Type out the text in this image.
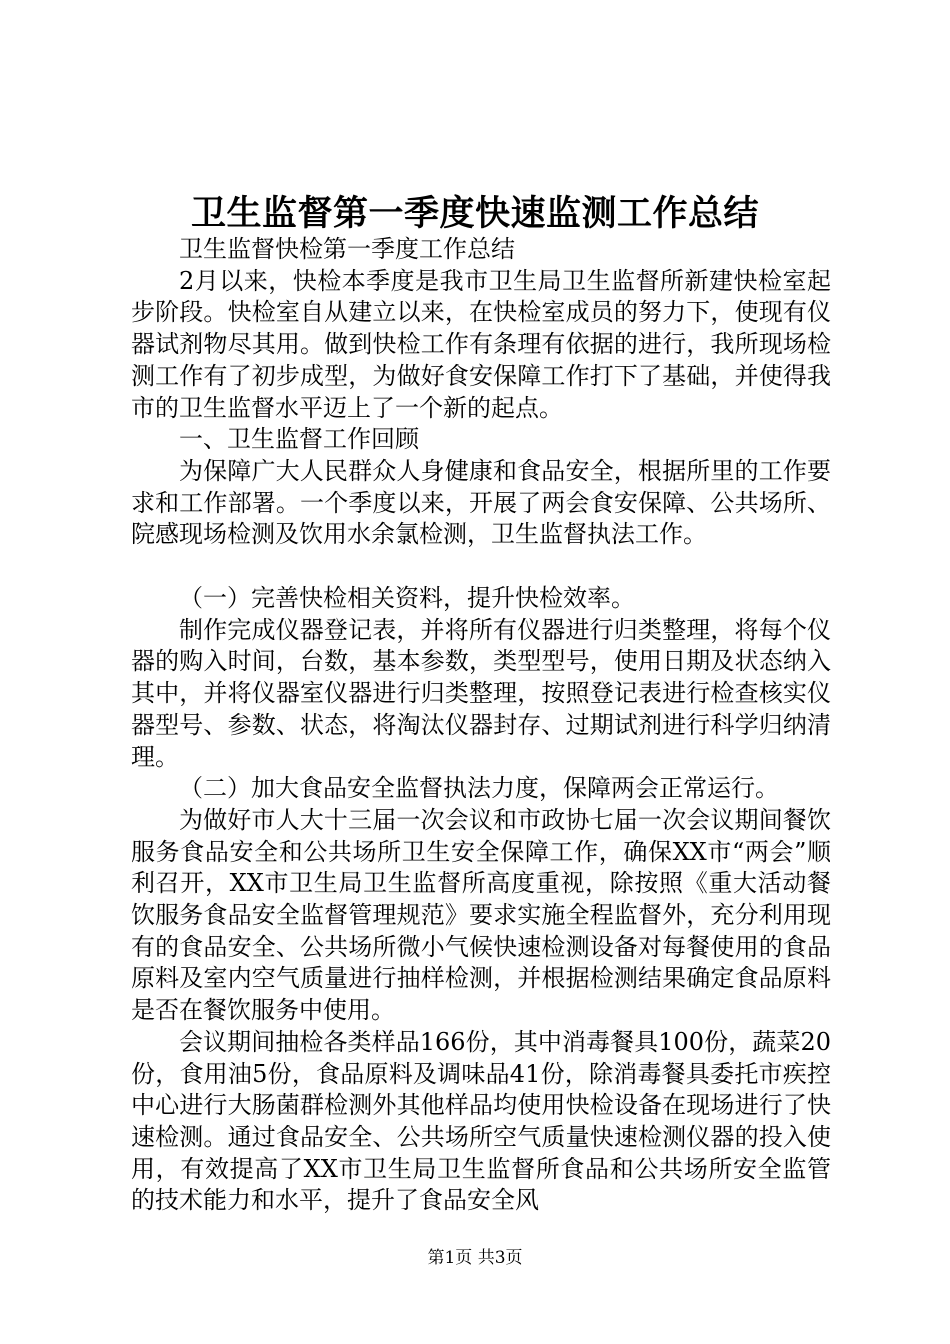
卫生监督第一季度快速监测工作总结

卫生监督快检第一季度工作总结

2月以来，快检本季度是我市卫生局卫生监督所新建快检室起步阶段。快检室自从建立以来，在快检室成员的努力下，使现有仪器试剂物尽其用。做到快检工作有条理有依据的进行，我所现场检测工作有了初步成型，为做好食安保障工作打下了基础，并使得我市的卫生监督水平迈上了一个新的起点。

一、卫生监督工作回顾

为保障广大人民群众人身健康和食品安全，根据所里的工作要求和工作部署。一个季度以来，开展了两会食安保障、公共场所、院感现场检测及饮用水余氯检测，卫生监督执法工作。

（一）完善快检相关资料，提升快检效率。

制作完成仪器登记表，并将所有仪器进行归类整理，将每个仪器的购入时间，台数，基本参数，类型型号，使用日期及状态纳入其中，并将仪器室仪器进行归类整理，按照登记表进行检查核实仪器型号、参数、状态，将淘汰仪器封存、过期试剂进行科学归纳清理。

（二）加大食品安全监督执法力度，保障两会正常运行。

为做好市人大十三届一次会议和市政协七届一次会议期间餐饮服务食品安全和公共场所卫生安全保障工作，确保XX市“两会”顺利召开，XX市卫生局卫生监督所高度重视，除按照《重大活动餐饮服务食品安全监督管理规范》要求实施全程监督外，充分利用现有的食品安全、公共场所微小气候快速检测设备对每餐使用的食品原料及室内空气质量进行抽样检测，并根据检测结果确定食品原料是否在餐饮服务中使用。

会议期间抽检各类样品166份，其中消毒餐具100份，蔬菜20份，食用油5份，食品原料及调味品41份，除消毒餐具委托市疾控中心进行大肠菌群检测外其他样品均使用快检设备在现场进行了快速检测。通过食品安全、公共场所空气质量快速检测仪器的投入使用，有效提高了XX市卫生局卫生监督所食品和公共场所安全监管的技术能力和水平，提升了食品安全风

第1页 共3页
